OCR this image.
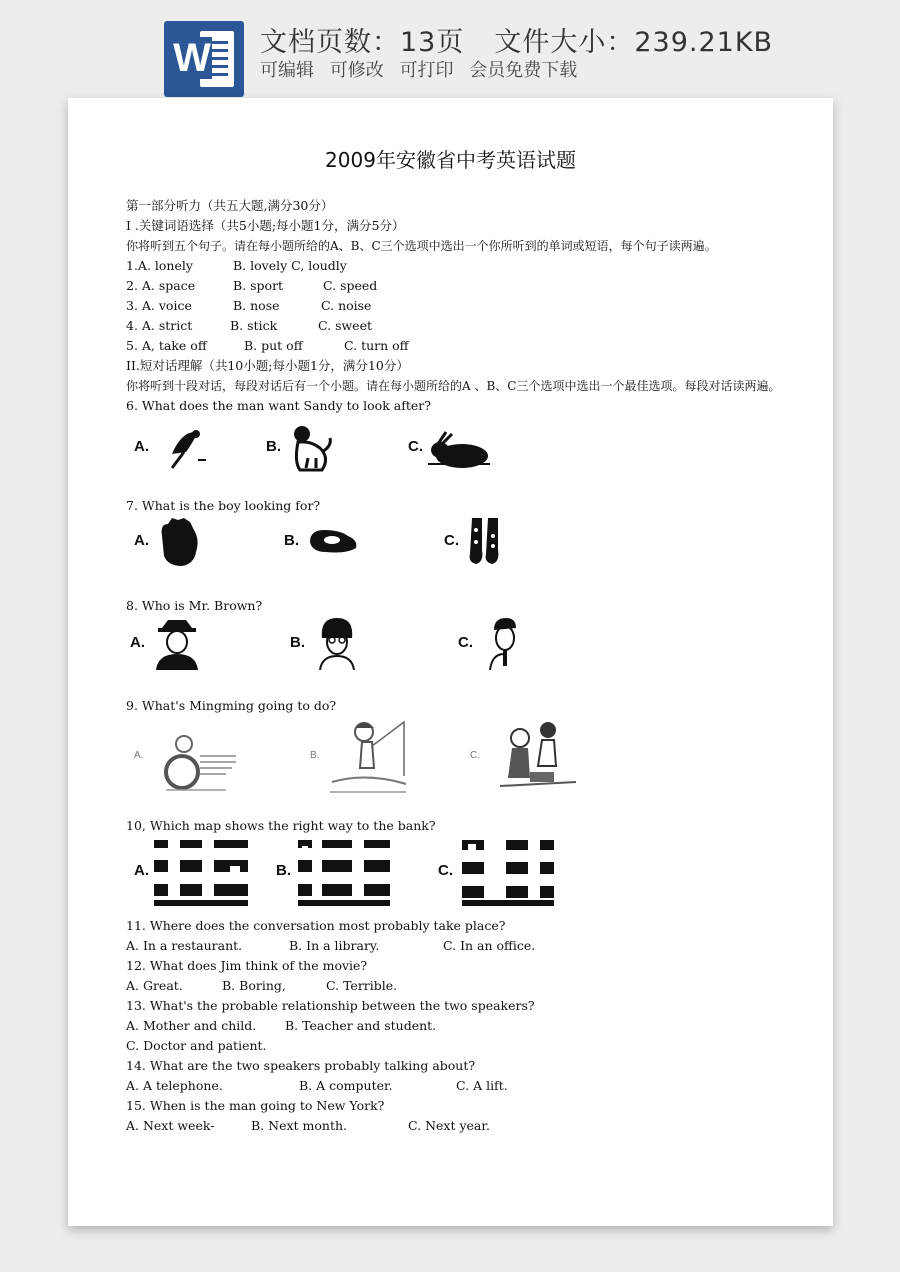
W 文档页数：13页 文件大小：239.21KB
可编辑 可修改 可打印 会员免费下载
2009年安徽省中考英语试题
第一部分听力（共五大题,满分30分）
I .关键词语选择（共5小题;每小题1分，满分5分）
你将听到五个句子。请在每小题所给的A、B、C三个选项中选出一个你所听到的单词或短语，每个句子读两遍。
1.A. lonely	B. lovely C, loudly
2. A. space	B. sport	C. speed
3. A. voice	B. nose	C. noise
4. A. strict	B. stick	C. sweet
5. A, take off	B. put off	C. turn off
II.短对话理解（共10小题;每小题1分，满分10分）
你将听到十段对话，每段对话后有一个小题。请在每小题所给的A 、B、C三个选项中选出一个最佳选项。每段对话读两遍。
6. What does the man want Sandy to look after?
A.	B.	C.
7. What is the boy looking for?
A.	B.	C.
8. Who is Mr. Brown?
A.	B.	C.
9. What's Mingming going to do?
A.	B.	C.
10, Which map shows the right way to the bank?
A.	B.	C.
11. Where does the conversation most probably take place?
A. In a restaurant.	B. In a library.	C. In an office.
12. What does Jim think of the movie?
A. Great.	B. Boring,	C. Terrible.
13. What's the probable relationship between the two speakers?
A. Mother and child. B. Teacher and student.
C. Doctor and patient.
14. What are the two speakers probably talking about?
A. A telephone.	B. A computer.	C. A lift.
15. When is the man going to New York?
A. Next week-	B. Next month.	C. Next year.
